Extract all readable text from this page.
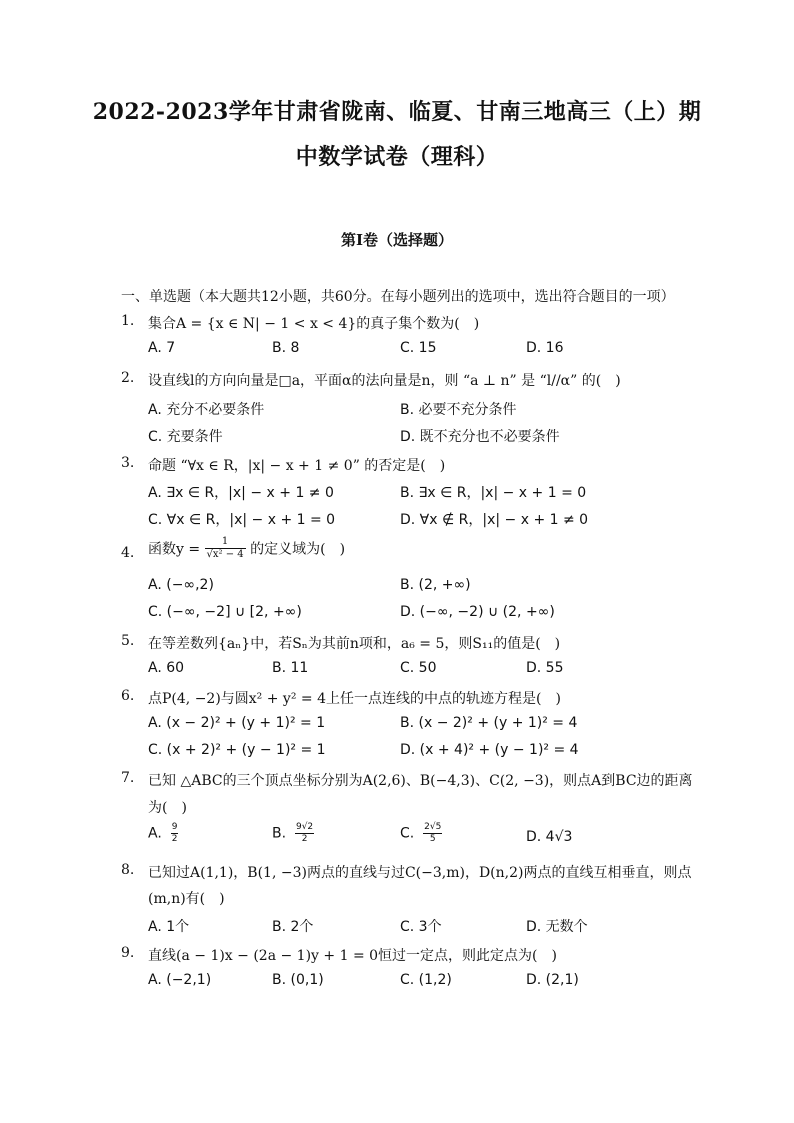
2022-2023学年甘肃省陇南、临夏、甘南三地高三（上）期
中数学试卷（理科）
第I卷（选择题）
一、单选题（本大题共12小题，共60分。在每小题列出的选项中，选出符合题目的一项）
1. 集合A = {x ∈ N| − 1 < x < 4}的真子集个数为(　)
A. 7	B. 8	C. 15	D. 16
2. 设直线l的方向向量是□a，平面α的法向量是n，则 “a ⊥ n” 是 “l//α” 的(　)
A. 充分不必要条件	B. 必要不充分条件
C. 充要条件	D. 既不充分也不必要条件
3. 命题 “∀x ∈ R，|x| − x + 1 ≠ 0” 的否定是(　)
A. ∃x ∈ R，|x| − x + 1 ≠ 0	B. ∃x ∈ R，|x| − x + 1 = 0
C. ∀x ∈ R，|x| − x + 1 = 0	D. ∀x ∉ R，|x| − x + 1 ≠ 0
4. 函数$y = \frac{1}{\text{√x² − 4}}$ 的定义域为(　)
A. (−∞,2)	B. (2, +∞)
C. (−∞, −2] ∪ [2, +∞)	D. (−∞, −2) ∪ (2, +∞)
5. 在等差数列{aₙ}中，若Sₙ为其前n项和，a₆ = 5，则S₁₁的值是(　)
A. 60	B. 11	C. 50	D. 55
6. 点P(4, −2)与圆x² + y² = 4上任一点连线的中点的轨迹方程是(　)
A. (x − 2)² + (y + 1)² = 1	B. (x − 2)² + (y + 1)² = 4
C. (x + 2)² + (y − 1)² = 1	D. (x + 4)² + (y − 1)² = 4
7. 已知 △ABC的三个顶点坐标分别为A(2,6)、B(−4,3)、C(2, −3)，则点A到BC边的距离
为(　)
A. $\frac{9}{2}$	B. $\frac{9√2}{2}$	C. $\frac{2√5}{5}$	D. 4√3
8. 已知过A(1,1)，B(1, −3)两点的直线与过C(−3,m)，D(n,2)两点的直线互相垂直，则点
(m,n)有(　)
A. 1个	B. 2个	C. 3个	D. 无数个
9. 直线(a − 1)x − (2a − 1)y + 1 = 0恒过一定点，则此定点为(　)
A. (−2,1)	B. (0,1)	C. (1,2)	D. (2,1)
